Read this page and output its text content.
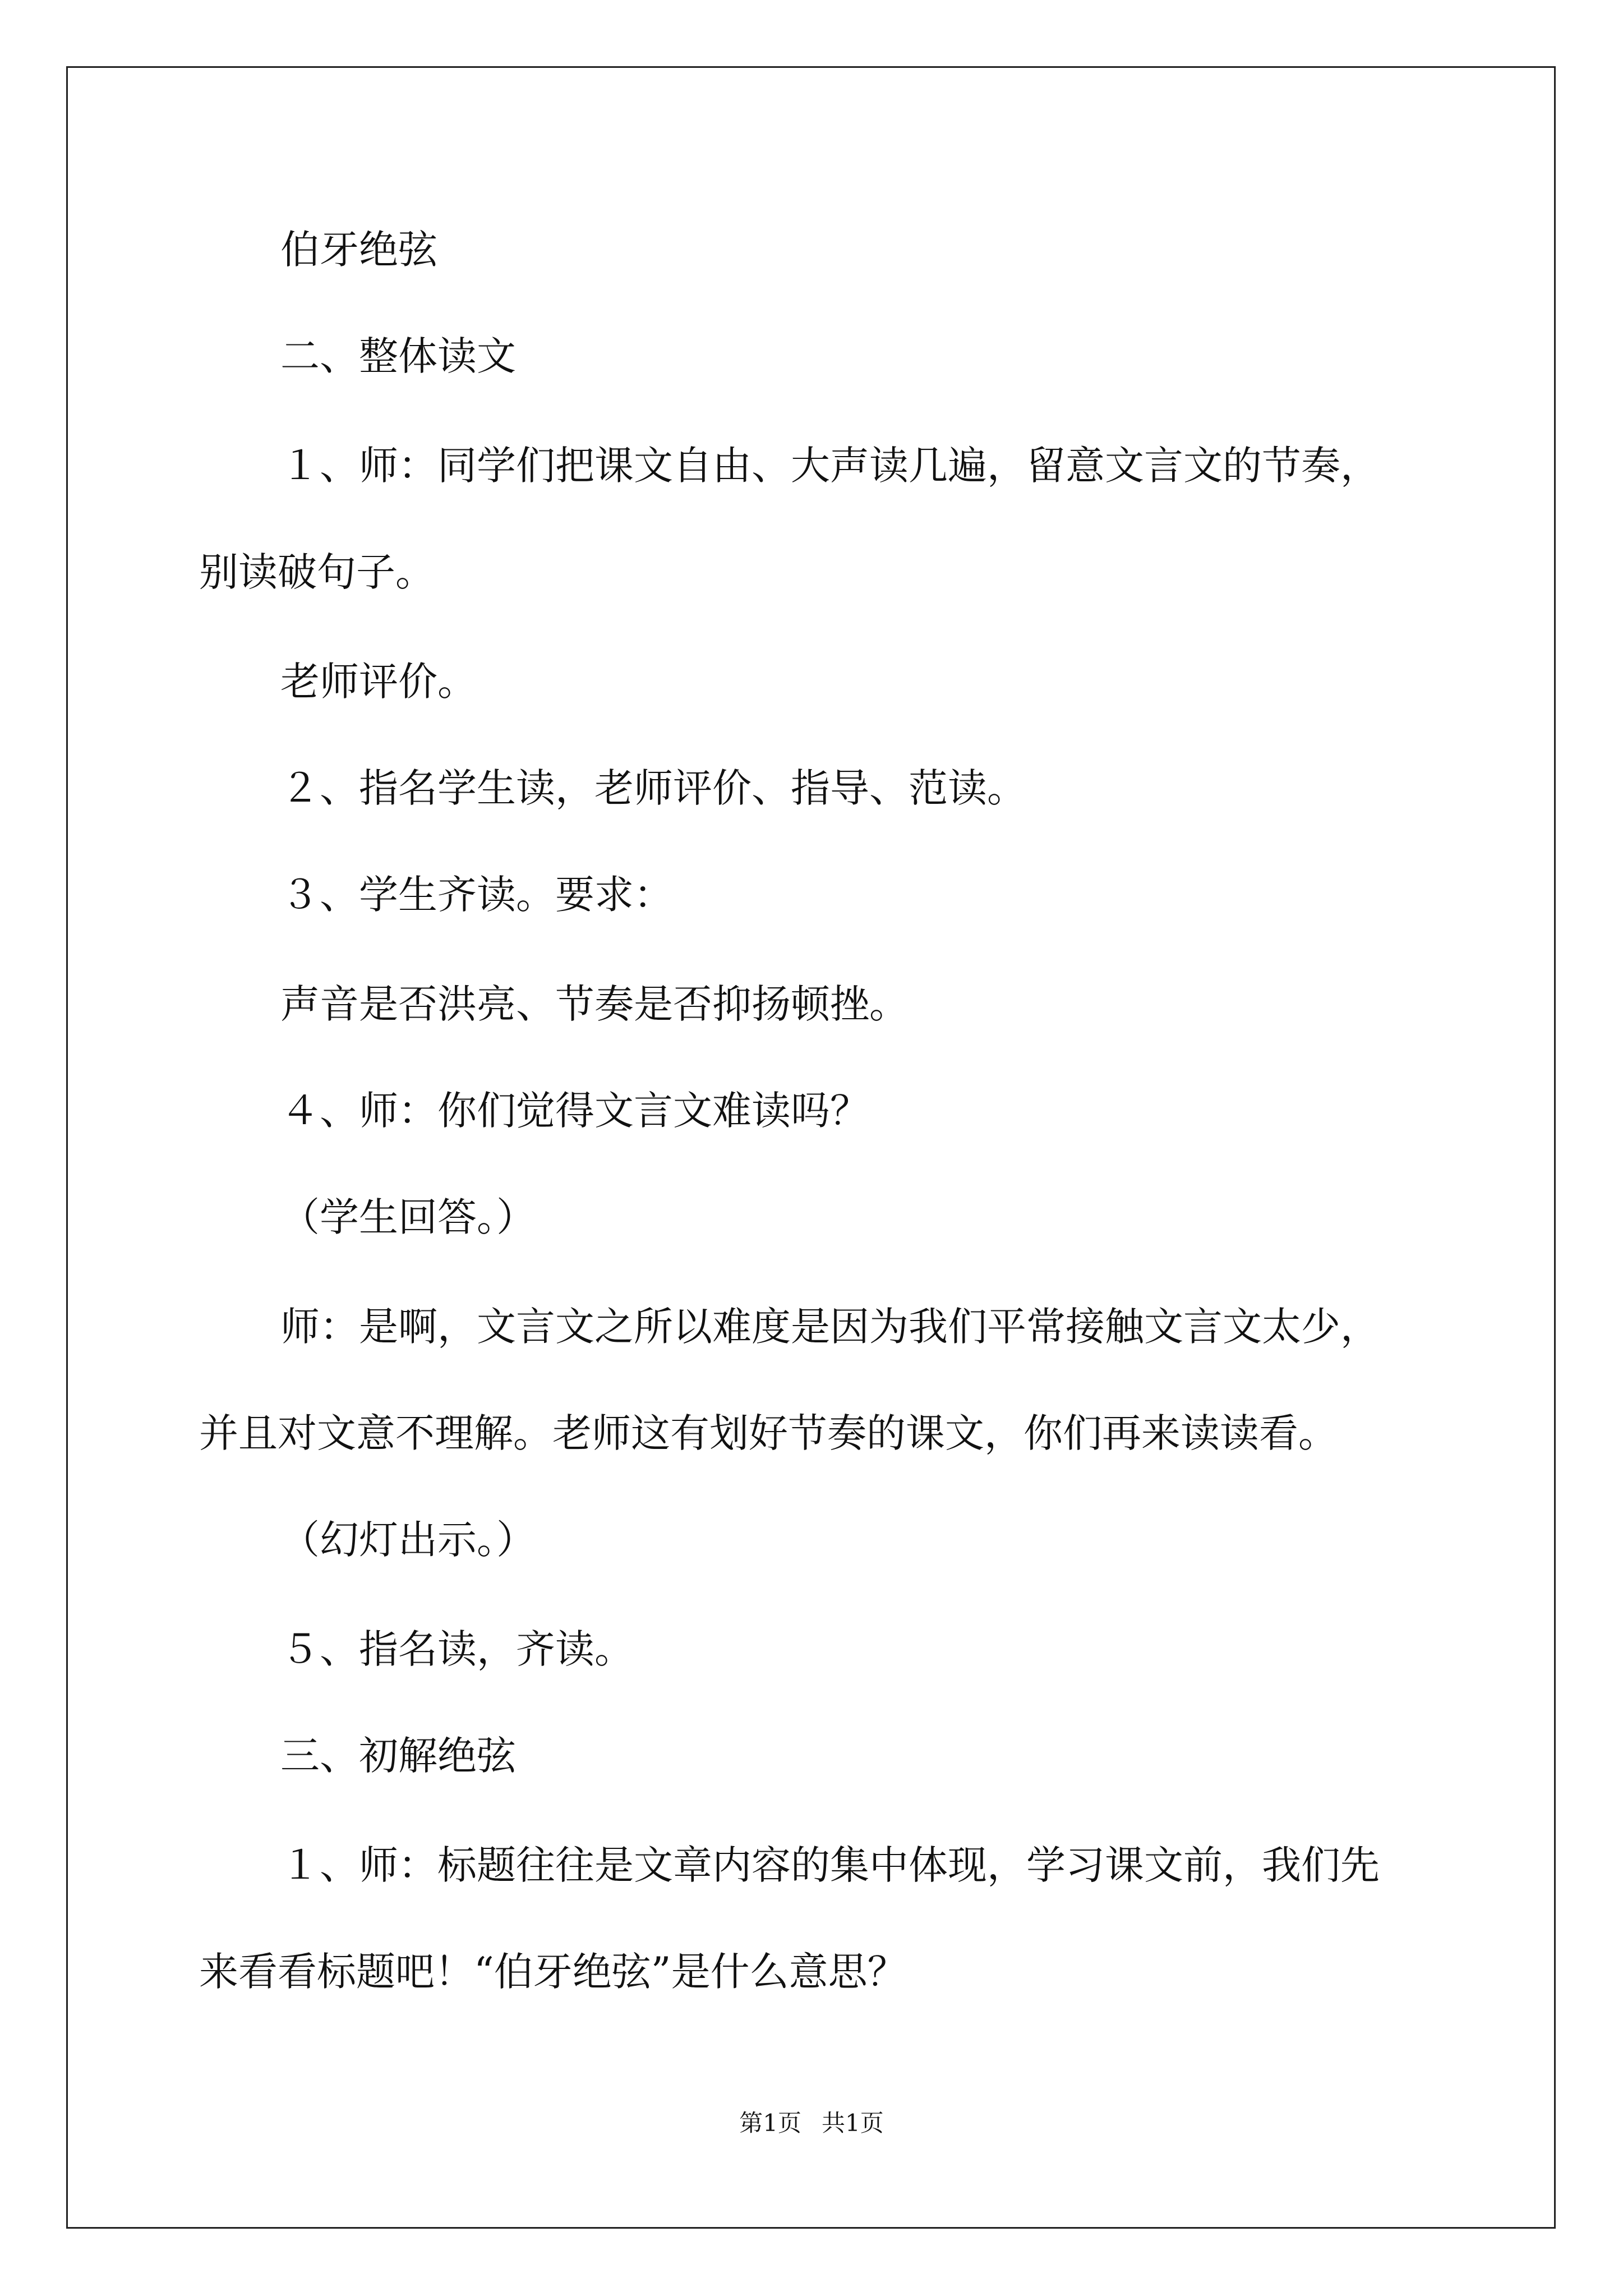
伯牙绝弦
二、整体读文
１、师：同学们把课文自由、大声读几遍，留意文言文的节奏，
别读破句子。
老师评价。
２、指名学生读，老师评价、指导、范读。
３、学生齐读。要求：
声音是否洪亮、节奏是否抑扬顿挫。
４、师：你们觉得文言文难读吗？
（学生回答。）
师：是啊，文言文之所以难度是因为我们平常接触文言文太少，
并且对文意不理解。老师这有划好节奏的课文，你们再来读读看。
（幻灯出示。）
５、指名读，齐读。
三、初解绝弦
１、师：标题往往是文章内容的集中体现，学习课文前，我们先
来看看标题吧！“伯牙绝弦”是什么意思？
第1页 共1页
